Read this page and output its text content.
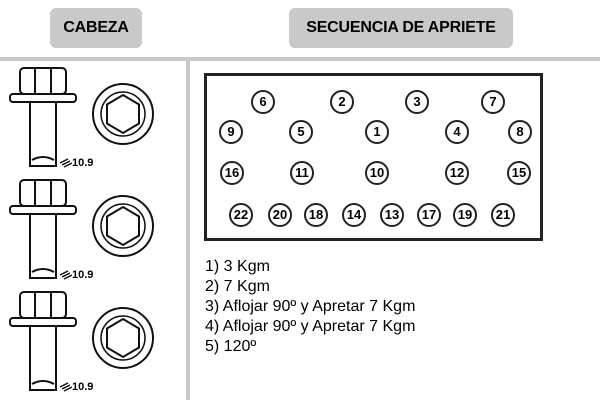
CABEZA	SECUENCIA DE APRIETE
10.9
10.9
10.9
6	2	3	7
9	5	1	4	8
16	11	10	12	15
22	20	18	14	13	17	19	21
1) 3 Kgm
2) 7 Kgm
3) Aflojar 90º y Apretar 7 Kgm
4) Aflojar 90º y Apretar 7 Kgm
5) 120º
